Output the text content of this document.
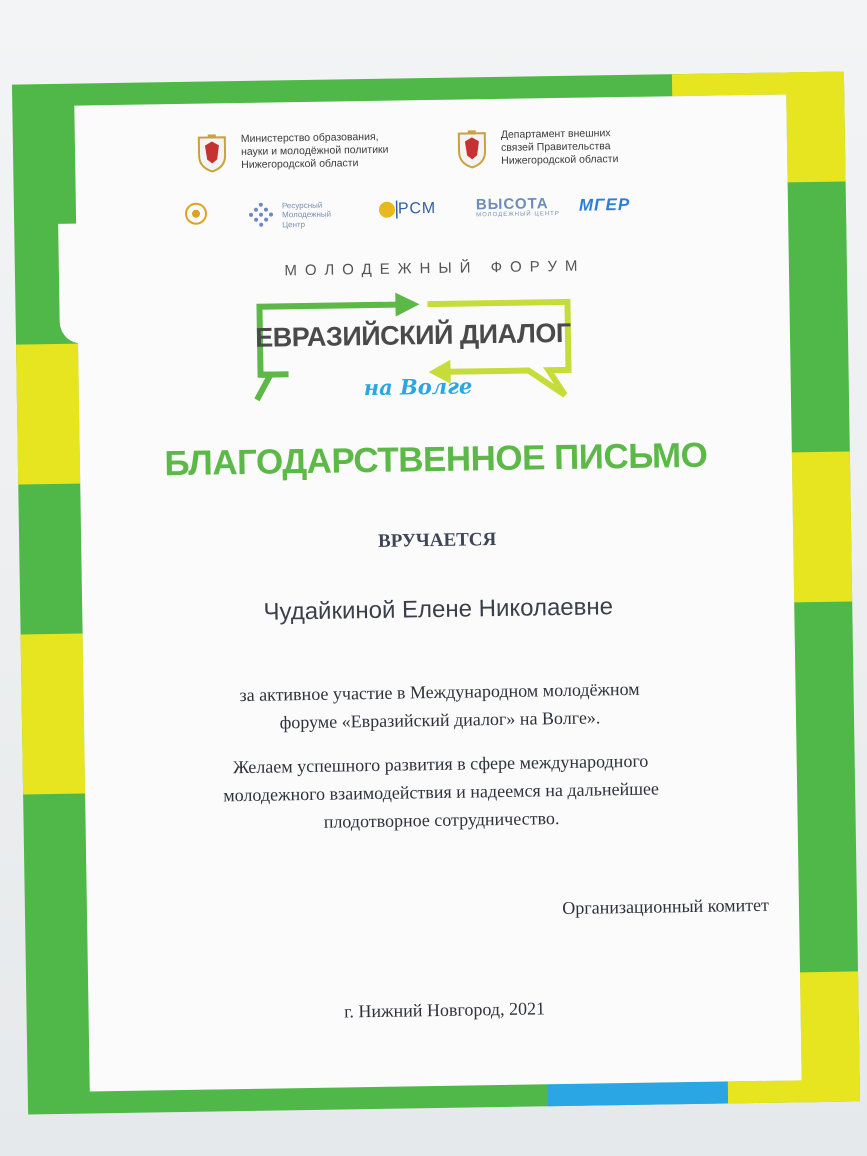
Министерство образования,
науки и молодёжной политики
Нижегородской области
Департамент внешних
связей Правительства
Нижегородской области
Ресурсный
Молодежный
Центр
РСМ	ВЫСОТА
МОЛОДЕЖНЫЙ ЦЕНТР МГЕР
МОЛОДЕЖНЫЙ ФОРУМ
ЕВРАЗИЙСКИЙ ДИАЛОГ
на Волге
БЛАГОДАРСТВЕННОЕ ПИСЬМО
ВРУЧАЕТСЯ
Чудайкиной Елене Николаевне
за активное участие в Международном молодёжном
форуме «Евразийский диалог» на Волге».
Желаем успешного развития в сфере международного
молодежного взаимодействия и надеемся на дальнейшее
плодотворное сотрудничество.
Организационный комитет
г. Нижний Новгород, 2021
